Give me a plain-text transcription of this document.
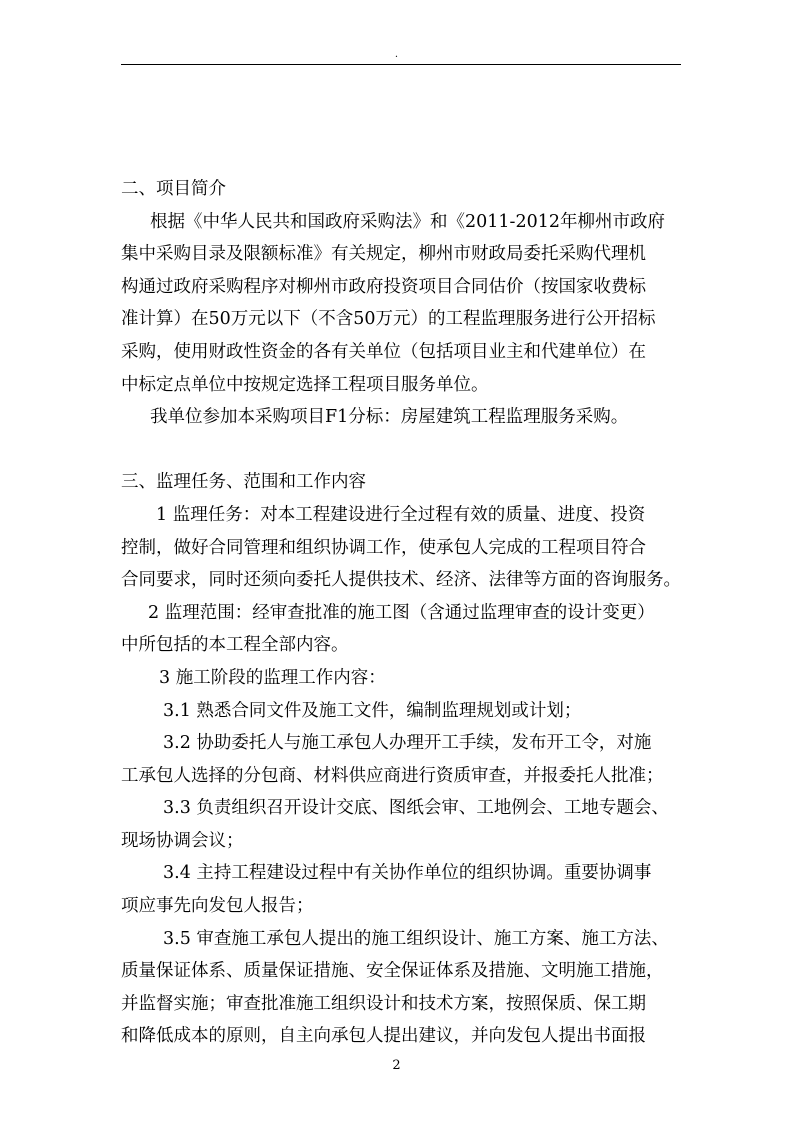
.
二、项目简介
根据《中华人民共和国政府采购法》和《2011-2012年柳州市政府
集中采购目录及限额标准》有关规定，柳州市财政局委托采购代理机
构通过政府采购程序对柳州市政府投资项目合同估价（按国家收费标
准计算）在50万元以下（不含50万元）的工程监理服务进行公开招标
采购，使用财政性资金的各有关单位（包括项目业主和代建单位）在
中标定点单位中按规定选择工程项目服务单位。
我单位参加本采购项目F1分标：房屋建筑工程监理服务采购。
三、监理任务、范围和工作内容
1 监理任务：对本工程建设进行全过程有效的质量、进度、投资
控制，做好合同管理和组织协调工作，使承包人完成的工程项目符合
合同要求，同时还须向委托人提供技术、经济、法律等方面的咨询服务。
2 监理范围：经审查批准的施工图（含通过监理审查的设计变更）
中所包括的本工程全部内容。
3 施工阶段的监理工作内容：
3.1 熟悉合同文件及施工文件，编制监理规划或计划；
3.2 协助委托人与施工承包人办理开工手续，发布开工令，对施
工承包人选择的分包商、材料供应商进行资质审查，并报委托人批准；
3.3 负责组织召开设计交底、图纸会审、工地例会、工地专题会、
现场协调会议；
3.4 主持工程建设过程中有关协作单位的组织协调。重要协调事
项应事先向发包人报告；
3.5 审查施工承包人提出的施工组织设计、施工方案、施工方法、
质量保证体系、质量保证措施、安全保证体系及措施、文明施工措施，
并监督实施；审查批准施工组织设计和技术方案，按照保质、保工期
和降低成本的原则，自主向承包人提出建议，并向发包人提出书面报
2
